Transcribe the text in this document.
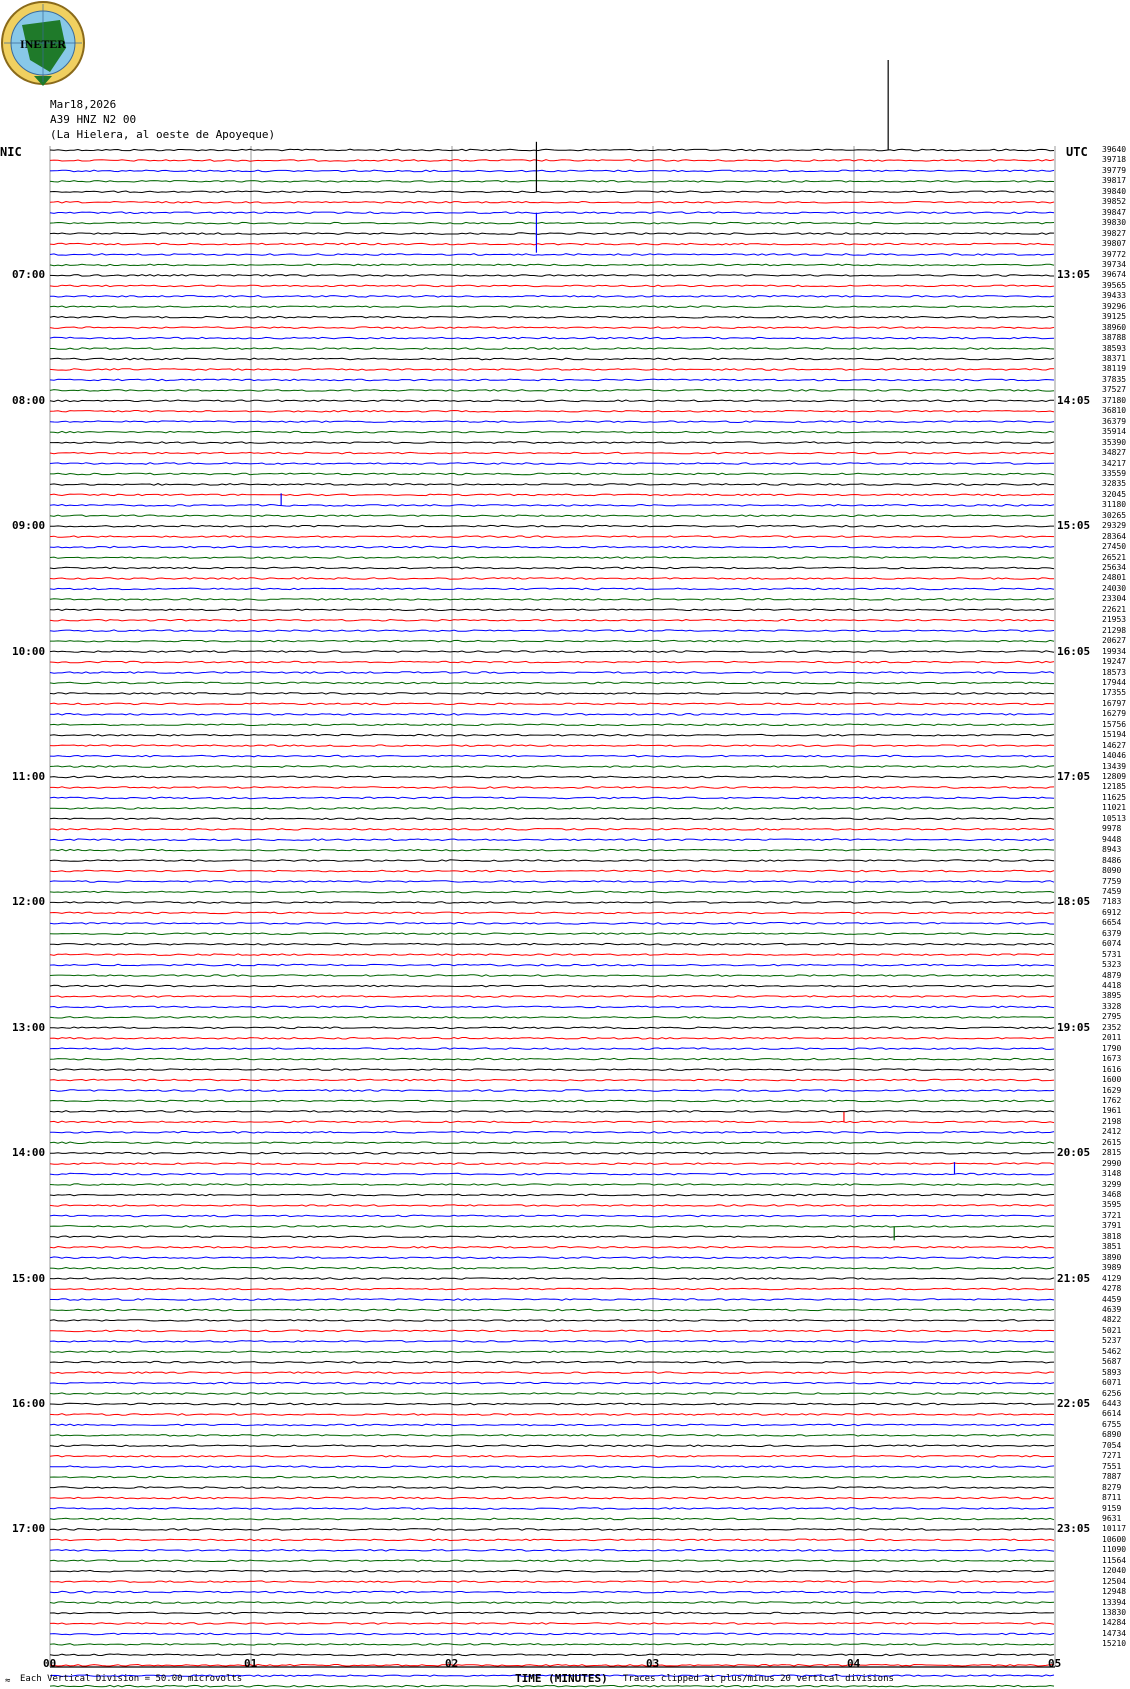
INETER
Mar18,2026
A39 HNZ N2 00
(La Hielera, al oeste de Apoyeque)
NIC	UTC
07:00
08:00
09:00
10:00
11:00
12:00
13:00
14:00
15:00
16:00
17:00
13:05
14:05
15:05
16:05
17:05
18:05
19:05
20:05
21:05
22:05
23:05
39640
39718
39779
39817
39840
39852
39847
39830
39827
39807
39772
39734
39674
39565
39433
39296
39125
38960
38788
38593
38371
38119
37835
37527
37180
36810
36379
35914
35390
34827
34217
33559
32835
32045
31180
30265
29329
28364
27450
26521
25634
24801
24030
23304
22621
21953
21298
20627
19934
19247
18573
17944
17355
16797
16279
15756
15194
14627
14046
13439
12809
12185
11625
11021
10513
9978
9448
8943
8486
8090
7759
7459
7183
6912
6654
6379
6074
5731
5323
4879
4418
3895
3328
2795
2352
2011
1790
1673
1616
1600
1629
1762
1961
2198
2412
2615
2815
2990
3148
3299
3468
3595
3721
3791
3818
3851
3890
3989
4129
4278
4459
4639
4822
5021
5237
5462
5687
5893
6071
6256
6443
6614
6755
6890
7054
7271
7551
7887
8279
8711
9159
9631
10117
10600
11090
11564
12040
12504
12948
13394
13830
14284
14734
15210
00	01	02	03	04	05
TIME (MINUTES)
≈ Each Vertical Division = 50.00 microvolts	Traces clipped at plus/minus 20 vertical divisions
